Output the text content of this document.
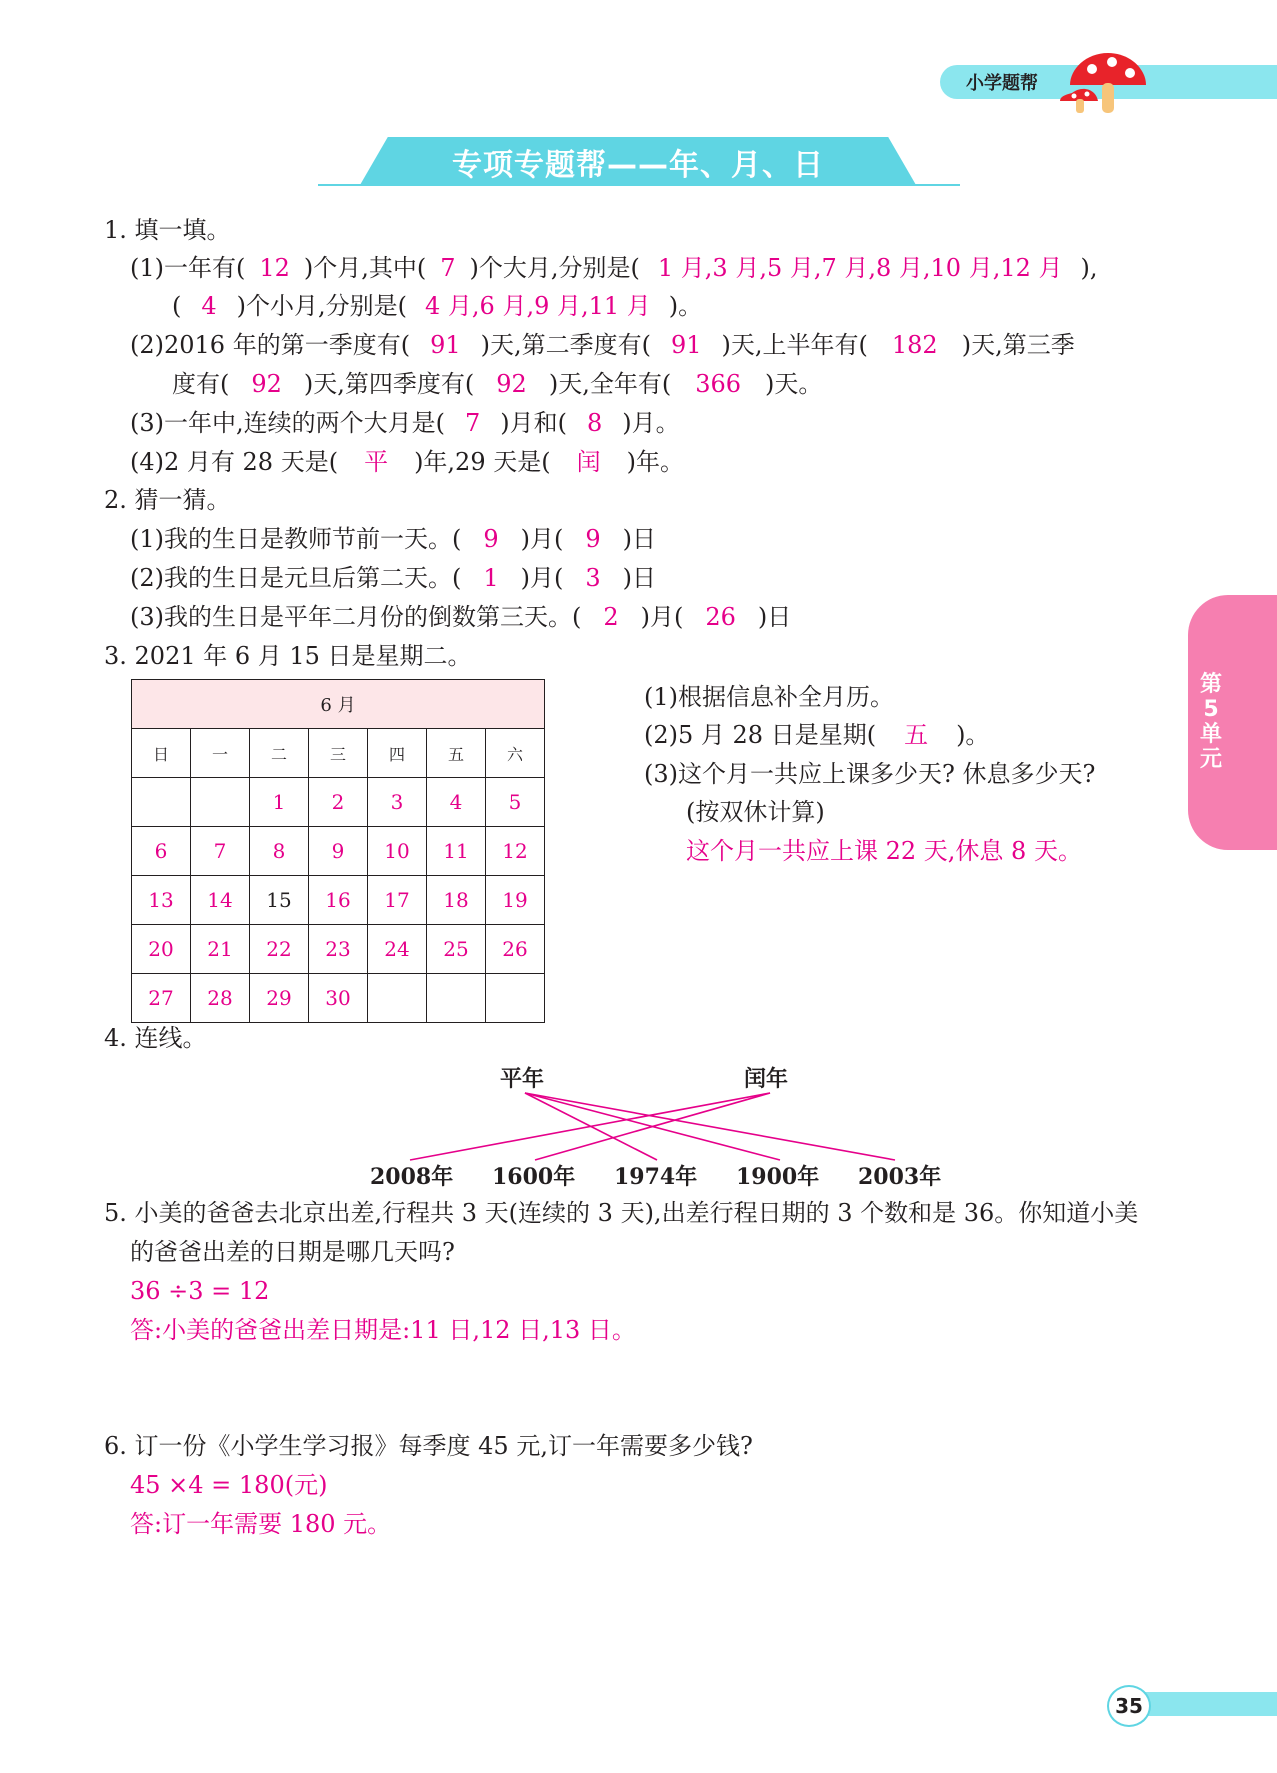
小学题帮
专项专题帮——年、月、日
第
5
单
元
1. 填一填。
(1)一年有( 12 )个月,其中( 7 )个大月,分别是( 1 月,3 月,5 月,7 月,8 月,10 月,12 月 ),
( 4 )个小月,分别是( 4 月,6 月,9 月,11 月 )。
(2)2016 年的第一季度有( 91 )天,第二季度有( 91 )天,上半年有( 182 )天,第三季
度有( 92 )天,第四季度有( 92 )天,全年有( 366 )天。
(3)一年中,连续的两个大月是( 7 )月和( 8 )月。
(4)2 月有 28 天是( 平 )年,29 天是( 闰 )年。
2. 猜一猜。
(1)我的生日是教师节前一天。( 9 )月( 9 )日
(2)我的生日是元旦后第二天。( 1 )月( 3 )日
(3)我的生日是平年二月份的倒数第三天。( 2 )月( 26 )日
3. 2021 年 6 月 15 日是星期二。
6 月						
日	一	二	三	四	五	六
		1	2	3	4	5
6	7	8	9	10	11	12
13	14	15	16	17	18	19
20	21	22	23	24	25	26
27	28	29	30			
(1)根据信息补全月历。
(2)5 月 28 日是星期( 五 )。
(3)这个月一共应上课多少天? 休息多少天?
(按双休计算)
这个月一共应上课 22 天,休息 8 天。
4. 连线。
平年	闰年
2008年 1600年 1974年 1900年 2003年
5. 小美的爸爸去北京出差,行程共 3 天(连续的 3 天),出差行程日期的 3 个数和是 36。你知道小美
的爸爸出差的日期是哪几天吗?
36 ÷3 = 12
答:小美的爸爸出差日期是:11 日,12 日,13 日。
6. 订一份《小学生学习报》每季度 45 元,订一年需要多少钱?
45 ×4 = 180(元)
答:订一年需要 180 元。
35
